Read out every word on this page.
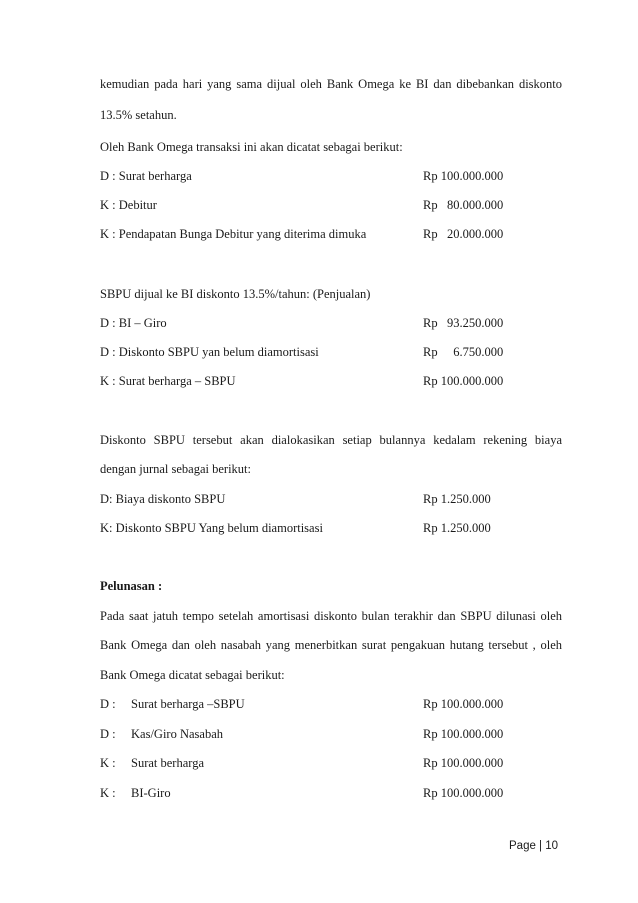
kemudian pada hari yang sama dijual oleh Bank Omega ke BI dan dibebankan diskonto
13.5% setahun.
Oleh Bank Omega transaksi ini akan dicatat sebagai berikut:
D : Surat berharga	Rp 100.000.000
K : Debitur	Rp   80.000.000
K : Pendapatan Bunga Debitur yang diterima dimuka	Rp   20.000.000
SBPU dijual ke BI diskonto 13.5%/tahun: (Penjualan)
D : BI – Giro	Rp   93.250.000
D : Diskonto SBPU yan belum diamortisasi	Rp     6.750.000
K : Surat berharga – SBPU	Rp 100.000.000
Diskonto SBPU tersebut akan dialokasikan setiap bulannya kedalam rekening biaya
dengan jurnal sebagai berikut:
D: Biaya diskonto SBPU	Rp 1.250.000
K: Diskonto SBPU Yang belum diamortisasi	Rp 1.250.000
Pelunasan :
Pada saat jatuh tempo setelah amortisasi diskonto bulan terakhir dan SBPU dilunasi oleh
Bank Omega dan oleh nasabah yang menerbitkan surat pengakuan hutang tersebut , oleh
Bank Omega dicatat sebagai berikut:
D : Surat berharga –SBPU	Rp 100.000.000
D : Kas/Giro Nasabah	Rp 100.000.000
K : Surat berharga	Rp 100.000.000
K : BI-Giro	Rp 100.000.000
Page | 10
